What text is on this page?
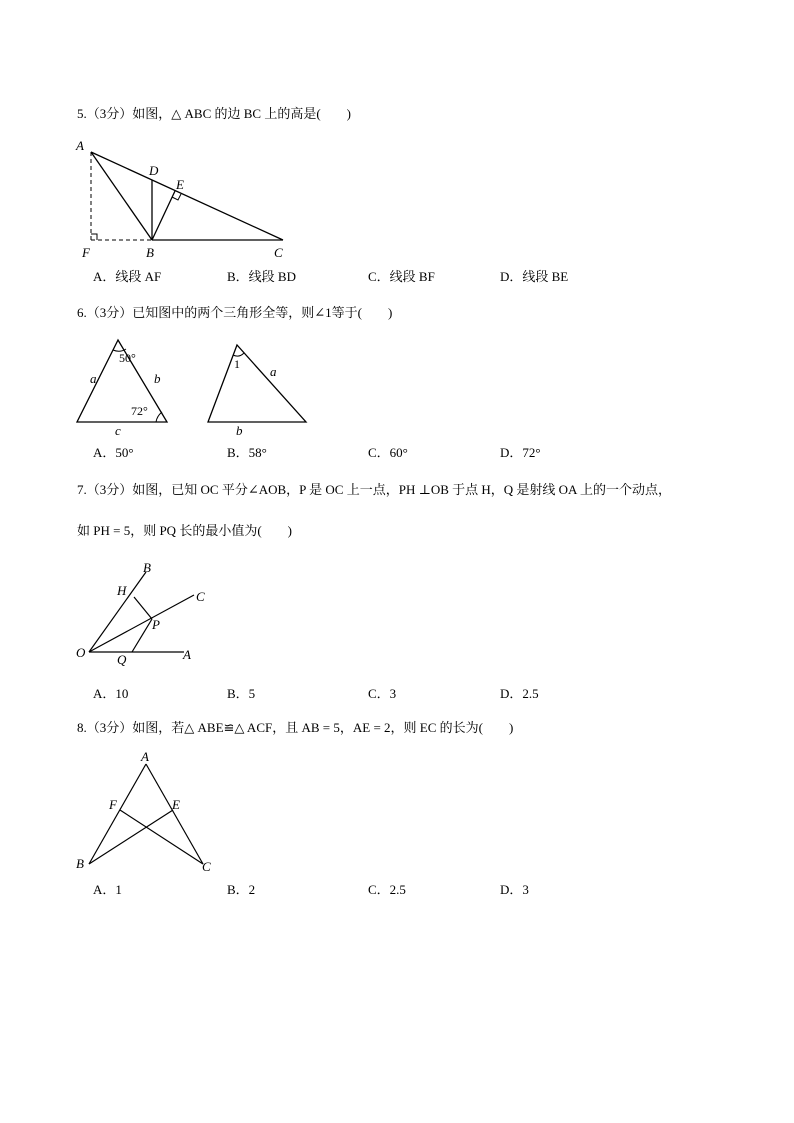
5.（3分）如图，△ ABC 的边 BC 上的高是(　　)
A
D
E
F	B	C
A．线段 AF	B．线段 BD	C．线段 BF	D．线段 BE
6.（3分）已知图中的两个三角形全等，则∠1等于(　　)
50°
72°
a	b
c
1 a
b
A．50°	B．58°	C．60°	D．72°
7.（3分）如图，已知 OC 平分∠AOB，P 是 OC 上一点，PH ⊥OB 于点 H，Q 是射线 OA 上的一个动点，
如 PH = 5，则 PQ 长的最小值为(　　)
B
H	C
P
O Q	A
A．10	B．5	C．3	D．2.5
8.（3分）如图，若△ ABE≌△ ACF，且 AB = 5，AE = 2，则 EC 的长为(　　)
A
F	E
B	C
A．1	B．2	C．2.5	D．3
